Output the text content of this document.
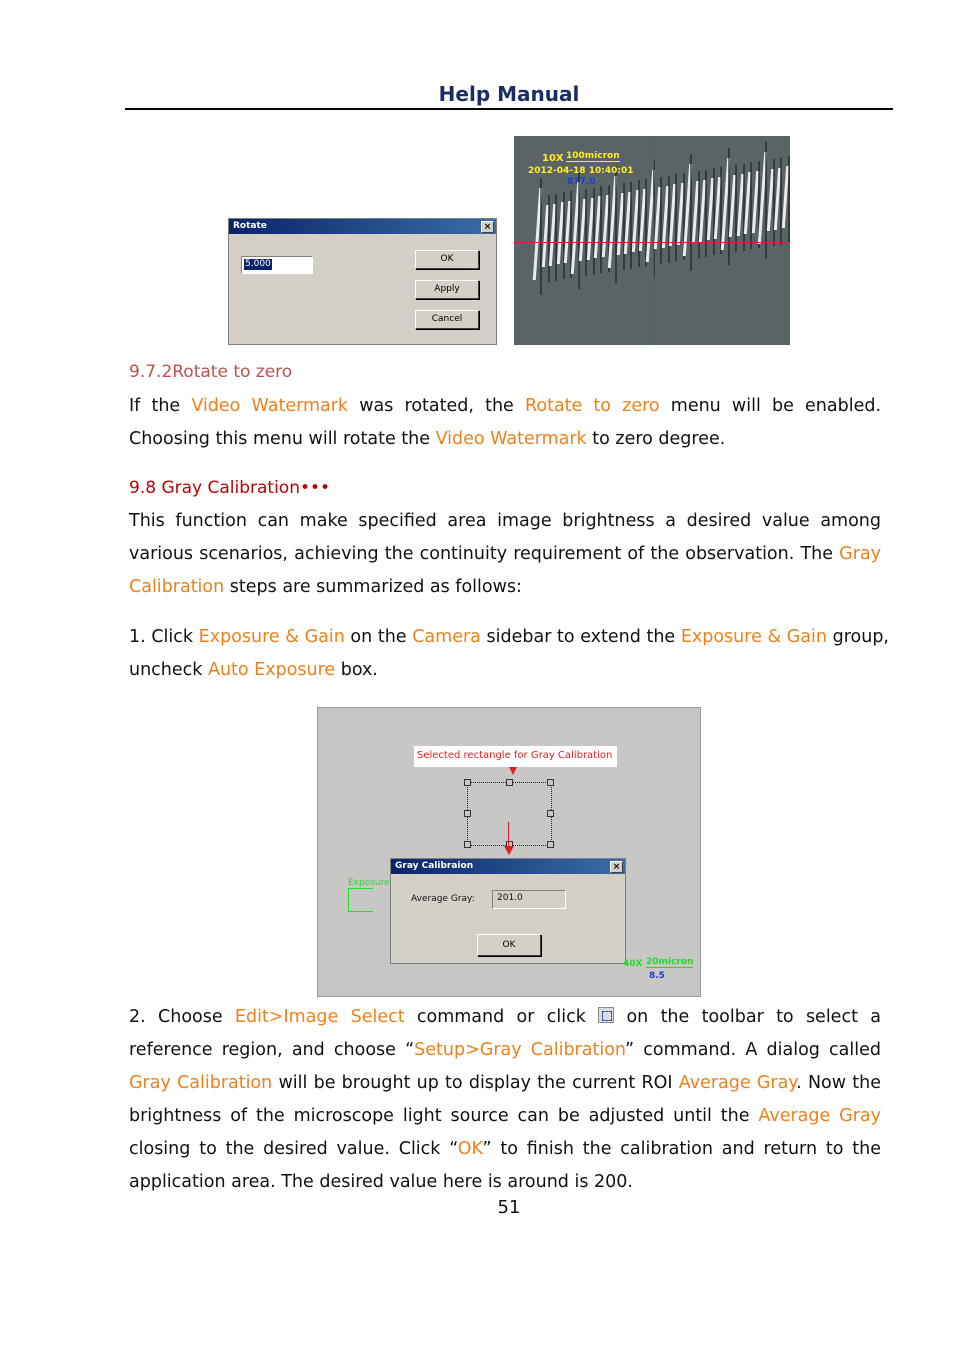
Help Manual
Rotate	×
5.000	OK
Apply
Cancel
10X 100micron
2012-04-18 10:40:01
877.0
9.7.2Rotate to zero

If the Video Watermark was rotated, the Rotate to zero menu will be enabled.

Choosing this menu will rotate the Video Watermark to zero degree.

9.8 Gray Calibration•••

This function can make specified area image brightness a desired value among

various scenarios, achieving the continuity requirement of the observation. The Gray

Calibration steps are summarized as follows:

1. Click Exposure & Gain on the Camera sidebar to extend the Exposure & Gain group,

uncheck Auto Exposure box.

Selected rectangle for Gray Calibration
Exposure
Gray Calibraion	×
Average Gray: 201.0
OK
40X 20micron
8.5

2. Choose Edit>Image Select command or click
on the toolbar to select a

reference region, and choose “Setup>Gray Calibration” command. A dialog called

Gray Calibration will be brought up to display the current ROI Average Gray. Now the

brightness of the microscope light source can be adjusted until the Average Gray

closing to the desired value. Click “OK” to finish the calibration and return to the

application area. The desired value here is around is 200.

51
